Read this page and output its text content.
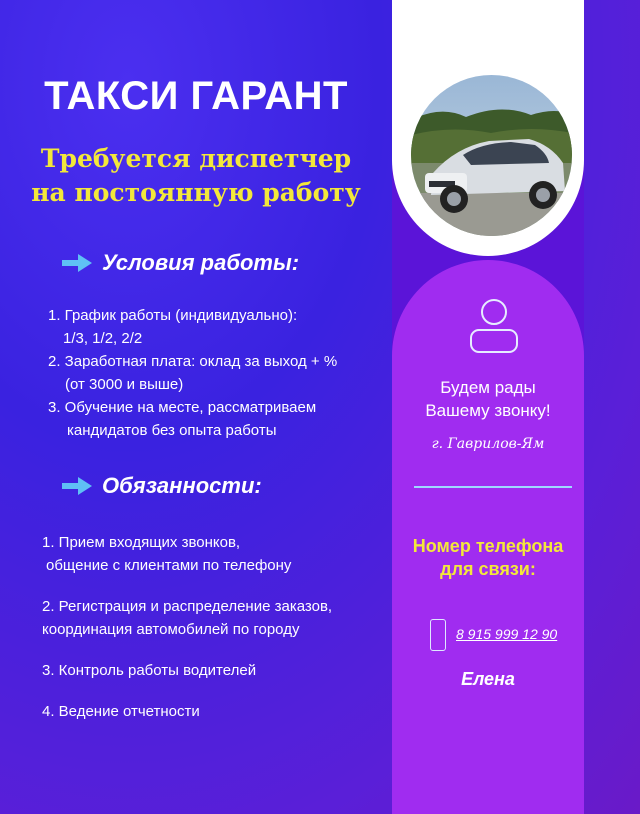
ТАКСИ ГАРАНТ
Требуется диспетчер
на постоянную работу
Условия работы:
1. График работы (индивидуально):
1/3, 1/2, 2/2
2. Заработная плата: оклад за выход + %
(от 3000 и выше)
3. Обучение на месте, рассматриваем
кандидатов без опыта работы
Обязанности:
1. Прием входящих звонков,
общение с клиентами по телефону
2. Регистрация и распределение заказов,
координация автомобилей по городу
3. Контроль работы водителей
4. Ведение отчетности
Будем рады
Вашему звонку!
г. Гаврилов-Ям
Номер телефона
для связи:
8 915 999 12 90
Елена
